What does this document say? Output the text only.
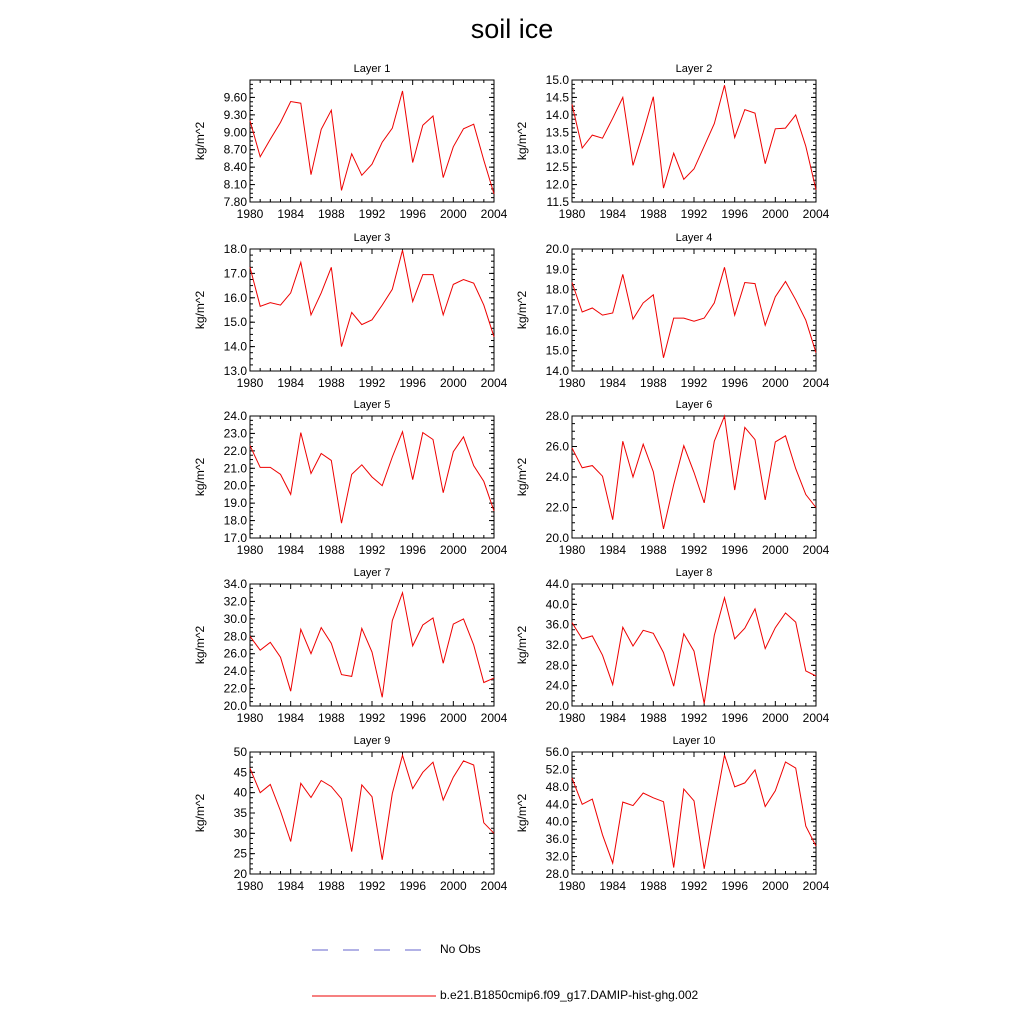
soil ice
Layer 1
1980 1984 1988 1992 1996 2000 2004
7.80
8.10
8.40
8.70
9.00
9.30
9.60
kg/m^2
Layer 2
1980 1984 1988 1992 1996 2000 2004
11.5
12.0
12.5
13.0
13.5
14.0
14.5
15.0
kg/m^2
Layer 3
1980 1984 1988 1992 1996 2000 2004
13.0
14.0
15.0
16.0
17.0
18.0
kg/m^2
Layer 4
1980 1984 1988 1992 1996 2000 2004
14.0
15.0
16.0
17.0
18.0
19.0
20.0
kg/m^2
Layer 5
1980 1984 1988 1992 1996 2000 2004
17.0
18.0
19.0
20.0
21.0
22.0
23.0
24.0
kg/m^2
Layer 6
1980 1984 1988 1992 1996 2000 2004
20.0
22.0
24.0
26.0
28.0
kg/m^2
Layer 7
1980 1984 1988 1992 1996 2000 2004
20.0
22.0
24.0
26.0
28.0
30.0
32.0
34.0
kg/m^2
Layer 8
1980 1984 1988 1992 1996 2000 2004
20.0
24.0
28.0
32.0
36.0
40.0
44.0
kg/m^2
Layer 9
1980 1984 1988 1992 1996 2000 2004
20
25
30
35
40
45
50
kg/m^2
Layer 10
1980 1984 1988 1992 1996 2000 2004
28.0
32.0
36.0
40.0
44.0
48.0
52.0
56.0
kg/m^2
No Obs
b.e21.B1850cmip6.f09_g17.DAMIP-hist-ghg.002
